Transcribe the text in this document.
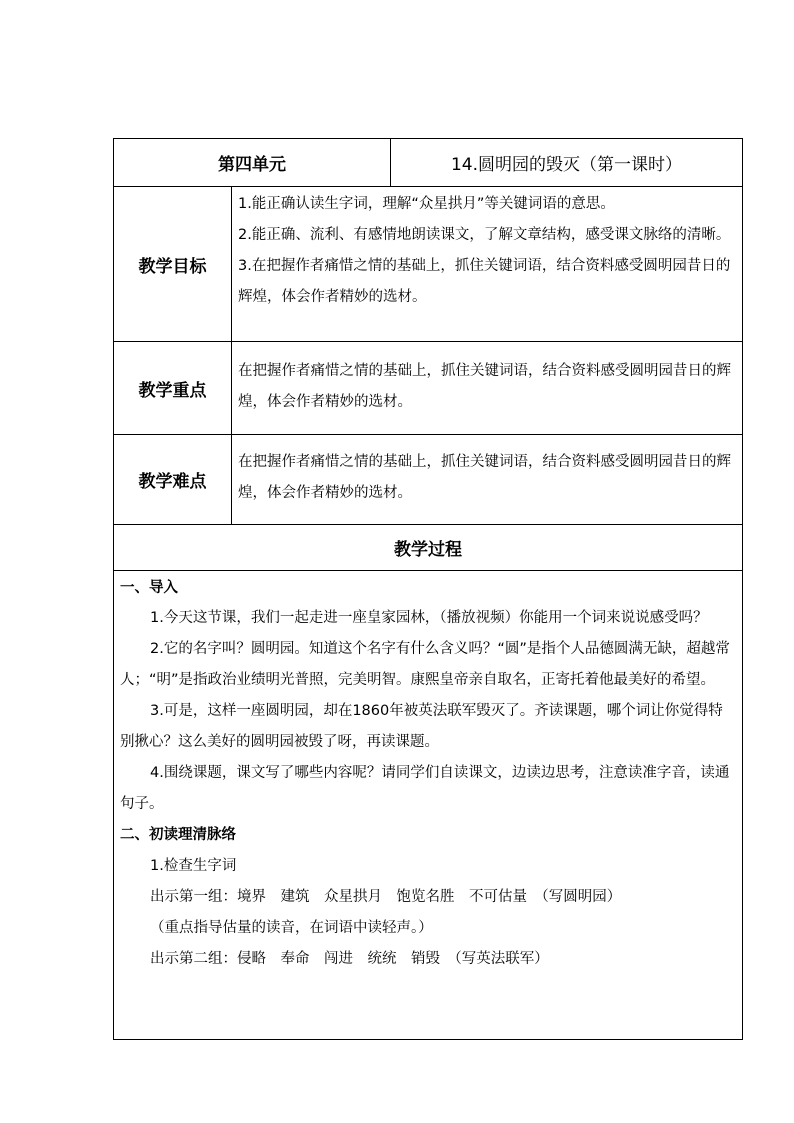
第四单元	14.圆明园的毁灭（第一课时）
教学目标

1.能正确认读生字词，理解“众星拱月”等关键词语的意思。

2.能正确、流利、有感情地朗读课文，了解文章结构，感受课文脉络的清晰。

3.在把握作者痛惜之情的基础上，抓住关键词语，结合资料感受圆明园昔日的辉煌，体会作者精妙的选材。

教学重点

在把握作者痛惜之情的基础上，抓住关键词语，结合资料感受圆明园昔日的辉煌，体会作者精妙的选材。

教学难点

在把握作者痛惜之情的基础上，抓住关键词语，结合资料感受圆明园昔日的辉煌，体会作者精妙的选材。

教学过程

一、导入

1.今天这节课，我们一起走进一座皇家园林，（播放视频）你能用一个词来说说感受吗？

2.它的名字叫？圆明园。知道这个名字有什么含义吗？“圆”是指个人品德圆满无缺，超越常人；“明”是指政治业绩明光普照，完美明智。康熙皇帝亲自取名，正寄托着他最美好的希望。

3.可是，这样一座圆明园，却在1860年被英法联军毁灭了。齐读课题，哪个词让你觉得特别揪心？这么美好的圆明园被毁了呀，再读课题。

4.围绕课题，课文写了哪些内容呢？请同学们自读课文，边读边思考，注意读准字音，读通句子。

二、初读理清脉络

1.检查生字词

出示第一组：境界　建筑　众星拱月　饱览名胜　不可估量　（写圆明园）

（重点指导估量的读音，在词语中读轻声。）

出示第二组：侵略　奉命　闯进　统统　销毁　（写英法联军）
